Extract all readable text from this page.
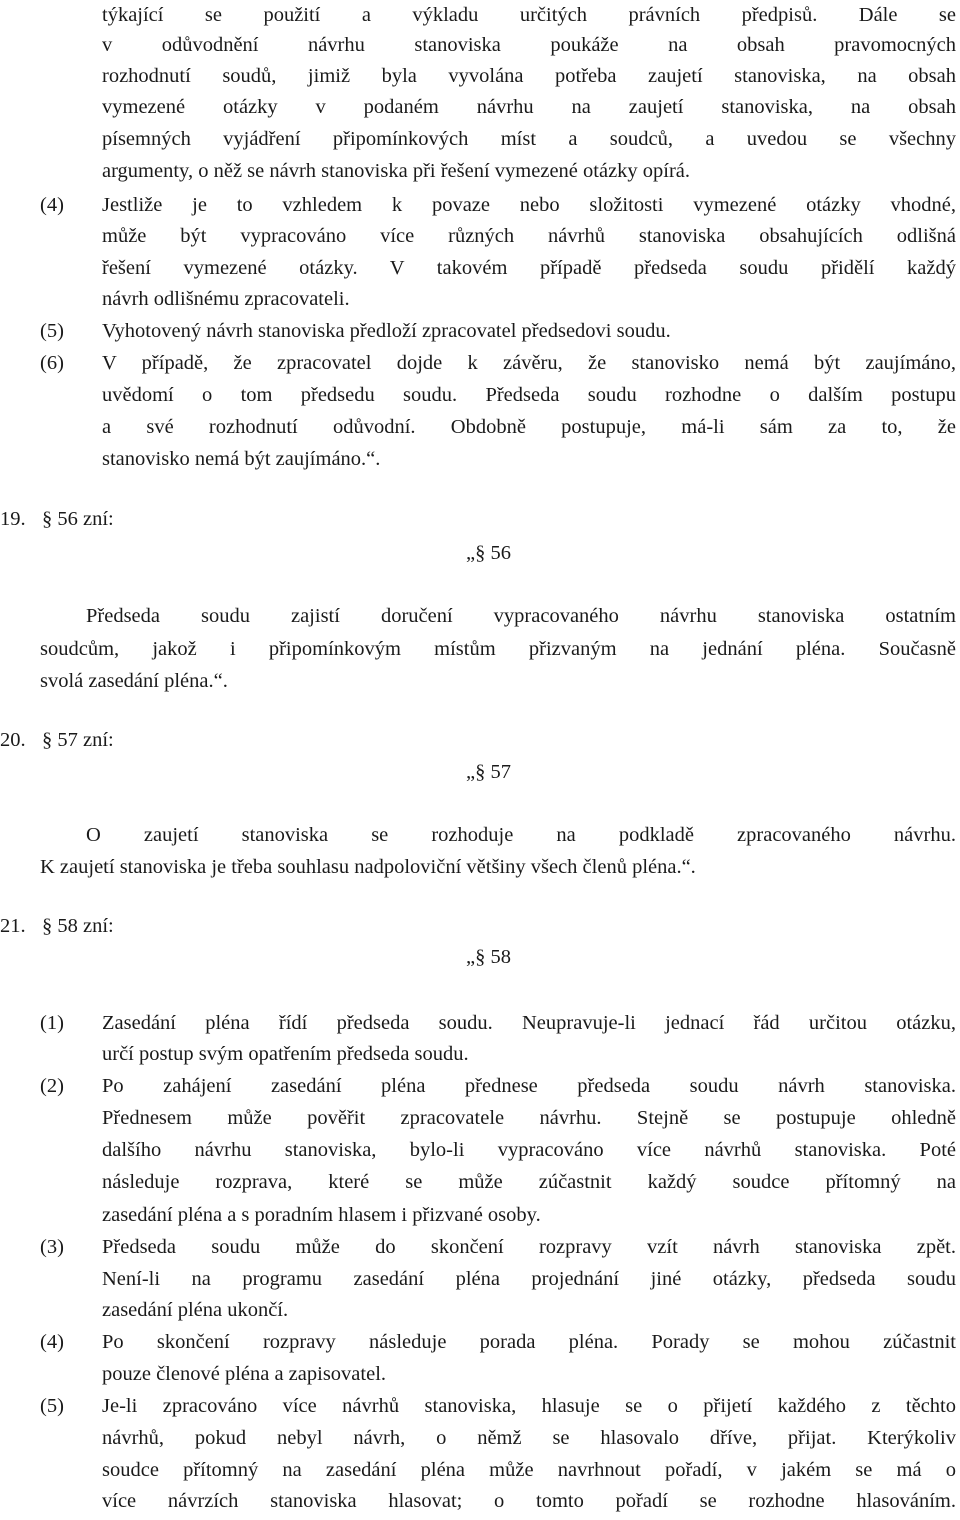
týkající se použití a výkladu určitých právních předpisů. Dále se
v odůvodnění návrhu stanoviska poukáže na obsah pravomocných
rozhodnutí soudů, jimiž byla vyvolána potřeba zaujetí stanoviska, na obsah
vymezené otázky v podaném návrhu na zaujetí stanoviska, na obsah
písemných vyjádření připomínkových míst a soudců, a uvedou se všechny
argumenty, o něž se návrh stanoviska při řešení vymezené otázky opírá.
(4) Jestliže je to vzhledem k povaze nebo složitosti vymezené otázky vhodné,
může být vypracováno více různých návrhů stanoviska obsahujících odlišná
řešení vymezené otázky. V takovém případě předseda soudu přidělí každý
návrh odlišnému zpracovateli.
(5) Vyhotovený návrh stanoviska předloží zpracovatel předsedovi soudu.
(6) V případě, že zpracovatel dojde k závěru, že stanovisko nemá být zaujímáno,
uvědomí o tom předsedu soudu. Předseda soudu rozhodne o dalším postupu
a své rozhodnutí odůvodní. Obdobně postupuje, má-li sám za to, že
stanovisko nemá být zaujímáno.“.
19. § 56 zní:
„§ 56
Předseda soudu zajistí doručení vypracovaného návrhu stanoviska ostatním
soudcům, jakož i připomínkovým místům přizvaným na jednání pléna. Současně
svolá zasedání pléna.“.
20. § 57 zní:
„§ 57
O zaujetí stanoviska se rozhoduje na podkladě zpracovaného návrhu.
K zaujetí stanoviska je třeba souhlasu nadpoloviční většiny všech členů pléna.“.
21. § 58 zní:
„§ 58
(1) Zasedání pléna řídí předseda soudu. Neupravuje-li jednací řád určitou otázku,
určí postup svým opatřením předseda soudu.
(2) Po zahájení zasedání pléna přednese předseda soudu návrh stanoviska.
Přednesem může pověřit zpracovatele návrhu. Stejně se postupuje ohledně
dalšího návrhu stanoviska, bylo-li vypracováno více návrhů stanoviska. Poté
následuje rozprava, které se může zúčastnit každý soudce přítomný na
zasedání pléna a s poradním hlasem i přizvané osoby.
(3) Předseda soudu může do skončení rozpravy vzít návrh stanoviska zpět.
Není-li na programu zasedání pléna projednání jiné otázky, předseda soudu
zasedání pléna ukončí.
(4) Po skončení rozpravy následuje porada pléna. Porady se mohou zúčastnit
pouze členové pléna a zapisovatel.
(5) Je-li zpracováno více návrhů stanoviska, hlasuje se o přijetí každého z těchto
návrhů, pokud nebyl návrh, o němž se hlasovalo dříve, přijat. Kterýkoliv
soudce přítomný na zasedání pléna může navrhnout pořadí, v jakém se má o
více návrzích stanoviska hlasovat; o tomto pořadí se rozhodne hlasováním.
